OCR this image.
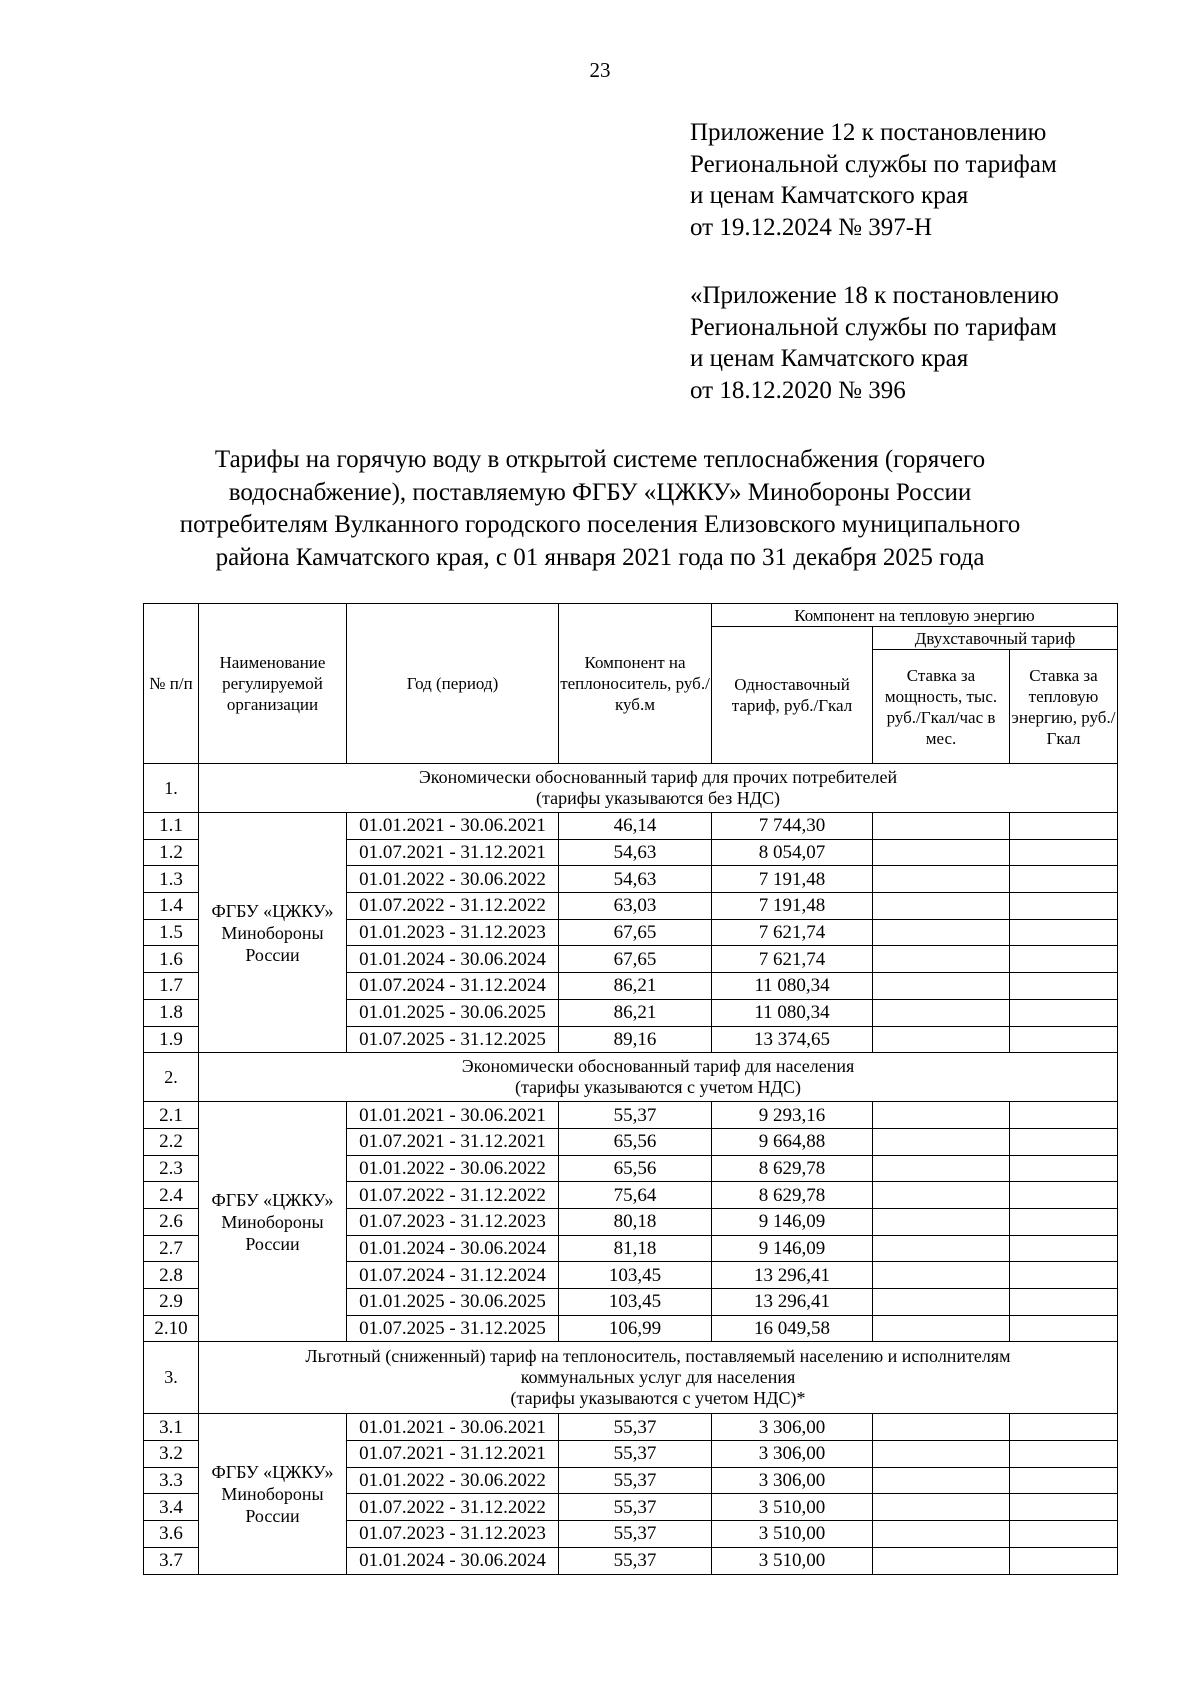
23
Приложение 12 к постановлению
Региональной службы по тарифам
и ценам Камчатского края
от 19.12.2024 № 397-Н
«Приложение 18 к постановлению
Региональной службы по тарифам
и ценам Камчатского края
от 18.12.2020 № 396
Тарифы на горячую воду в открытой системе теплоснабжения (горячего
водоснабжение), поставляемую ФГБУ «ЦЖКУ» Минобороны России
потребителям Вулканного городского поселения Елизовского муниципального
района Камчатского края, с 01 января 2021 года по 31 декабря 2025 года
№ п/п	Наименование регулируемой организации	Год (период)	Компонент на теплоноситель, руб./куб.м	Компонент на тепловую энергию		
				Одноставочный тариф, руб./Гкал	Двухставочный тариф	
					Ставка за мощность, тыс. руб./Гкал/час в мес.	Ставка за тепловую энергию, руб./Гкал
1.	Экономически обоснованный тариф для прочих потребителей
(тарифы указываются без НДС)					

1.1	ФГБУ «ЦЖКУ» Минобороны России	01.01.2021 - 30.06.2021	46,14	7 744,30		
1.2		01.07.2021 - 31.12.2021	54,63	8 054,07		
1.3		01.01.2022 - 30.06.2022	54,63	7 191,48		
1.4		01.07.2022 - 31.12.2022	63,03	7 191,48		
1.5		01.01.2023 - 31.12.2023	67,65	7 621,74		
1.6		01.01.2024 - 30.06.2024	67,65	7 621,74		
1.7		01.07.2024 - 31.12.2024	86,21	11 080,34		
1.8		01.01.2025 - 30.06.2025	86,21	11 080,34		
1.9		01.07.2025 - 31.12.2025	89,16	13 374,65		
2.	Экономически обоснованный тариф для населения
(тарифы указываются с учетом НДС)					

2.1	ФГБУ «ЦЖКУ» Минобороны России	01.01.2021 - 30.06.2021	55,37	9 293,16		
2.2		01.07.2021 - 31.12.2021	65,56	9 664,88		
2.3		01.01.2022 - 30.06.2022	65,56	8 629,78		
2.4		01.07.2022 - 31.12.2022	75,64	8 629,78		
2.6		01.07.2023 - 31.12.2023	80,18	9 146,09		
2.7		01.01.2024 - 30.06.2024	81,18	9 146,09		
2.8		01.07.2024 - 31.12.2024	103,45	13 296,41		
2.9		01.01.2025 - 30.06.2025	103,45	13 296,41		
2.10		01.07.2025 - 31.12.2025	106,99	16 049,58		
3.	Льготный (сниженный) тариф на теплоноситель, поставляемый населению и исполнителям
коммунальных услуг для населения
(тарифы указываются с учетом НДС)*					

3.1	ФГБУ «ЦЖКУ» Минобороны России	01.01.2021 - 30.06.2021	55,37	3 306,00		
3.2		01.07.2021 - 31.12.2021	55,37	3 306,00		
3.3		01.01.2022 - 30.06.2022	55,37	3 306,00		
3.4		01.07.2022 - 31.12.2022	55,37	3 510,00		
3.6		01.07.2023 - 31.12.2023	55,37	3 510,00		
3.7		01.01.2024 - 30.06.2024	55,37	3 510,00		
